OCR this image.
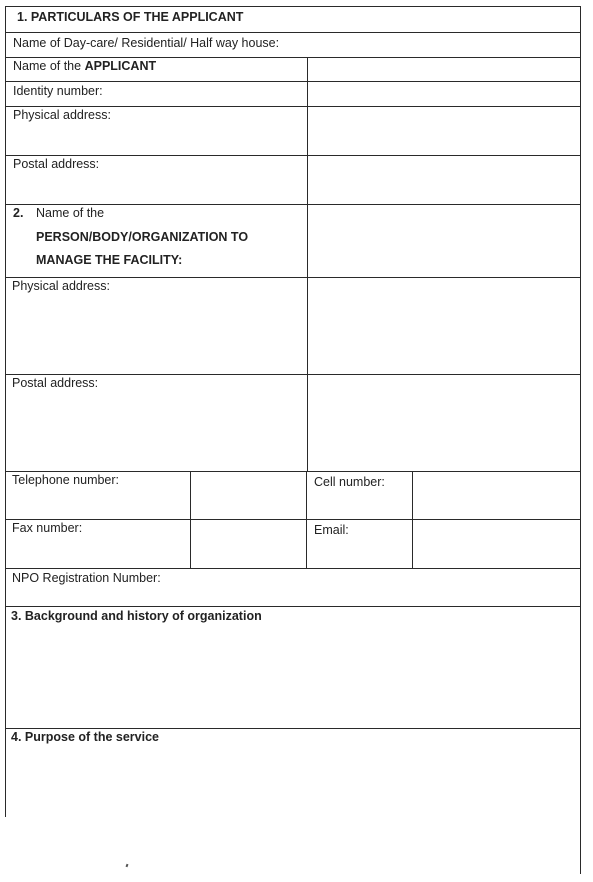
1. PARTICULARS OF THE APPLICANT
Name of Day-care/ Residential/ Half way house:
Name of the APPLICANT
Identity number:
Physical address:
Postal address:
2. Name of the
PERSON/BODY/ORGANIZATION TO
MANAGE THE FACILITY:
Physical address:
Postal address:
Telephone number:	Cell number:
Fax number:	Email:
NPO Registration Number:
3. Background and history of organization
4. Purpose of the service
